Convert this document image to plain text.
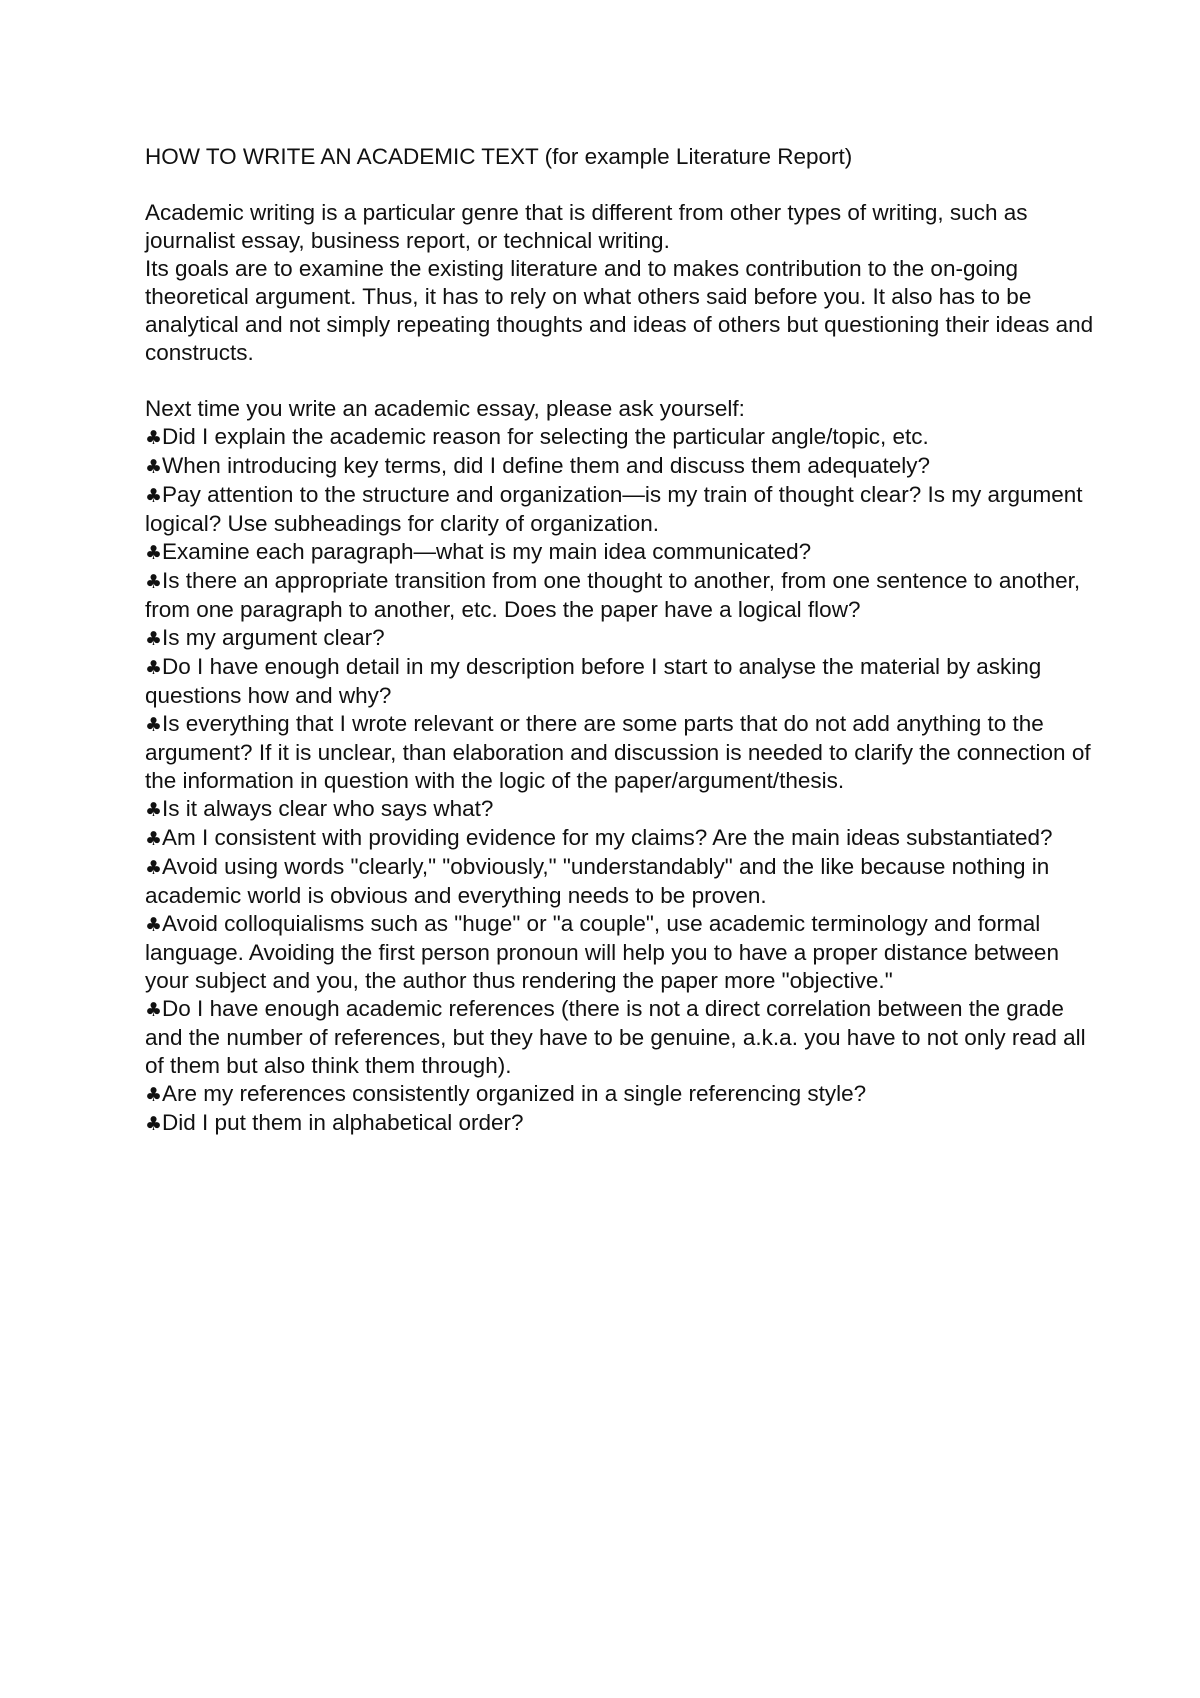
HOW TO WRITE AN ACADEMIC TEXT (for example Literature Report)

Academic writing is a particular genre that is different from other types of writing, such as journalist essay, business report, or technical writing.

Its goals are to examine the existing literature and to makes contribution to the on-going theoretical argument. Thus, it has to rely on what others said before you. It also has to be analytical and not simply repeating thoughts and ideas of others but questioning their ideas and constructs.

Next time you write an academic essay, please ask yourself:

♣Did I explain the academic reason for selecting the particular angle/topic, etc.

♣When introducing key terms, did I define them and discuss them adequately?

♣Pay attention to the structure and organization—is my train of thought clear? Is my argument logical? Use subheadings for clarity of organization.

♣Examine each paragraph—what is my main idea communicated?

♣Is there an appropriate transition from one thought to another, from one sentence to another, from one paragraph to another, etc. Does the paper have a logical flow?

♣Is my argument clear?

♣Do I have enough detail in my description before I start to analyse the material by asking questions how and why?

♣Is everything that I wrote relevant or there are some parts that do not add anything to the argument? If it is unclear, than elaboration and discussion is needed to clarify the connection of the information in question with the logic of the paper/argument/thesis.

♣Is it always clear who says what?

♣Am I consistent with providing evidence for my claims? Are the main ideas substantiated?

♣Avoid using words "clearly," "obviously," "understandably" and the like because nothing in academic world is obvious and everything needs to be proven.

♣Avoid colloquialisms such as "huge" or "a couple", use academic terminology and formal language. Avoiding the first person pronoun will help you to have a proper distance between your subject and you, the author thus rendering the paper more "objective."

♣Do I have enough academic references (there is not a direct correlation between the grade and the number of references, but they have to be genuine, a.k.a. you have to not only read all of them but also think them through).

♣Are my references consistently organized in a single referencing style?

♣Did I put them in alphabetical order?
